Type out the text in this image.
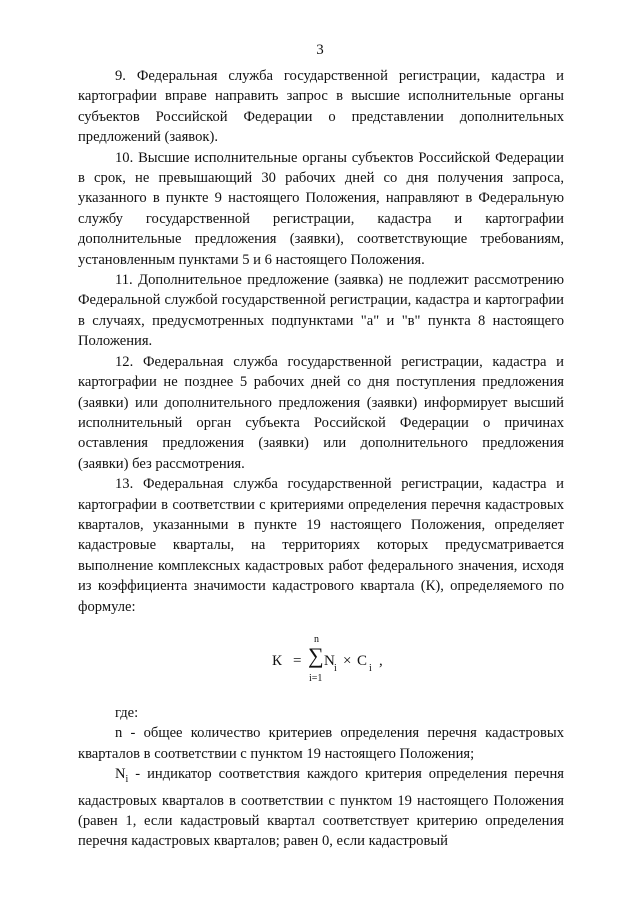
3

9. Федеральная служба государственной регистрации, кадастра и картографии вправе направить запрос в высшие исполнительные органы субъектов Российской Федерации о представлении дополнительных предложений (заявок).

10. Высшие исполнительные органы субъектов Российской Федерации в срок, не превышающий 30 рабочих дней со дня получения запроса, указанного в пункте 9 настоящего Положения, направляют в Федеральную службу государственной регистрации, кадастра и картографии дополнительные предложения (заявки), соответствующие требованиям, установленным пунктами 5 и 6 настоящего Положения.

11. Дополнительное предложение (заявка) не подлежит рассмотрению Федеральной службой государственной регистрации, кадастра и картографии в случаях, предусмотренных подпунктами "а" и "в" пункта 8 настоящего Положения.

12. Федеральная служба государственной регистрации, кадастра и картографии не позднее 5 рабочих дней со дня поступления предложения (заявки) или дополнительного предложения (заявки) информирует высший исполнительный орган субъекта Российской Федерации о причинах оставления предложения (заявки) или дополнительного предложения (заявки) без рассмотрения.

13. Федеральная служба государственной регистрации, кадастра и картографии в соответствии с критериями определения перечня кадастровых кварталов, указанными в пункте 19 настоящего Положения, определяет кадастровые кварталы, на территориях которых предусматривается выполнение комплексных кадастровых работ федерального значения, исходя из коэффициента значимости кадастрового квартала (К), определяемого по формуле:

К =
n
∑
i=1
N i × C i ,

где:

n - общее количество критериев определения перечня кадастровых кварталов в соответствии с пунктом 19 настоящего Положения;

$N_i$ - индикатор соответствия каждого критерия определения перечня кадастровых кварталов в соответствии с пунктом 19 настоящего Положения (равен 1, если кадастровый квартал соответствует критерию определения перечня кадастровых кварталов; равен 0, если кадастровый
